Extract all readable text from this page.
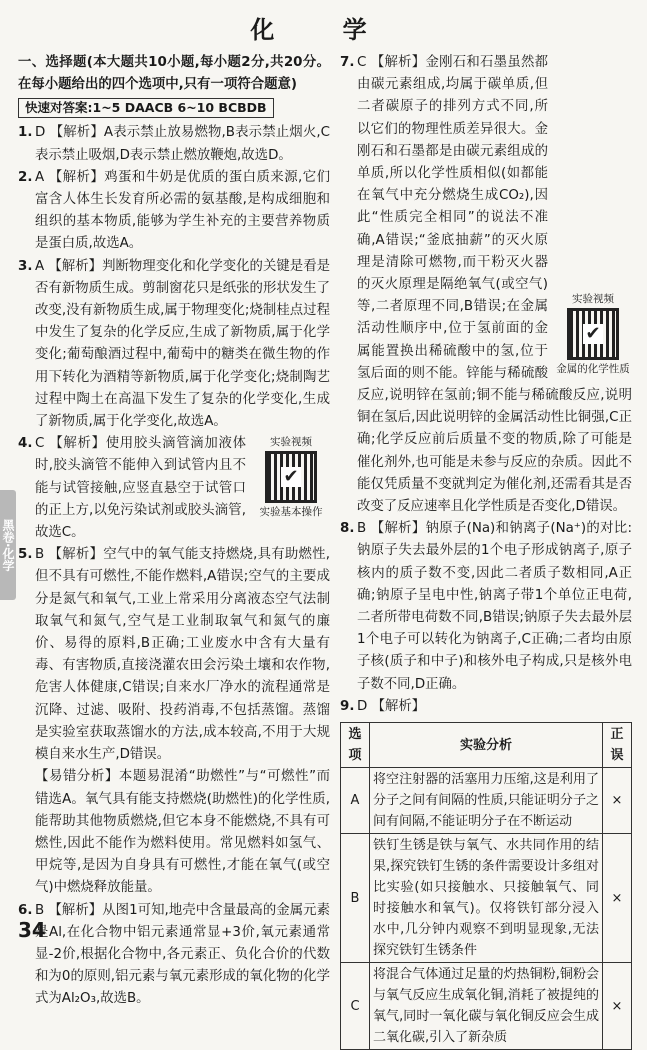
化 学
黑卷·化学

一、选择题(本大题共10小题,每小题2分,共20分。在每小题给出的四个选项中,只有一项符合题意)

快速对答案:1~5 DAACB 6~10 BCBDB

1. D 【解析】A表示禁止放易燃物,B表示禁止烟火,C表示禁止吸烟,D表示禁止燃放鞭炮,故选D。

2. A 【解析】鸡蛋和牛奶是优质的蛋白质来源,它们富含人体生长发育所必需的氨基酸,是构成细胞和组织的基本物质,能够为学生补充的主要营养物质是蛋白质,故选A。

3. A 【解析】判断物理变化和化学变化的关键是看是否有新物质生成。剪制窗花只是纸张的形状发生了改变,没有新物质生成,属于物理变化;烧制桂点过程中发生了复杂的化学反应,生成了新物质,属于化学变化;葡萄酿酒过程中,葡萄中的糖类在微生物的作用下转化为酒精等新物质,属于化学变化;烧制陶艺过程中陶土在高温下发生了复杂的化学变化,生成了新物质,属于化学变化,故选A。

4.	实验视频
✔
实验基本操作
C 【解析】使用胶头滴管滴加液体时,胶头滴管不能伸入到试管内且不能与试管接触,应竖直悬空于试管口的正上方,以免污染试剂或胶头滴管,故选C。

5. B 【解析】空气中的氧气能支持燃烧,具有助燃性,但不具有可燃性,不能作燃料,A错误;空气的主要成分是氮气和氧气,工业上常采用分离液态空气法制取氧气和氮气,空气是工业制取氧气和氮气的廉价、易得的原料,B正确;工业废水中含有大量有毒、有害物质,直接浇灌农田会污染土壤和农作物,危害人体健康,C错误;自来水厂净水的流程通常是沉降、过滤、吸附、投药消毒,不包括蒸馏。蒸馏是实验室获取蒸馏水的方法,成本较高,不用于大规模自来水生产,D错误。

【易错分析】本题易混淆“助燃性”与“可燃性”而错选A。氧气具有能支持燃烧(助燃性)的化学性质,能帮助其他物质燃烧,但它本身不能燃烧,不具有可燃性,因此不能作为燃料使用。常见燃料如氢气、甲烷等,是因为自身具有可燃性,才能在氧气(或空气)中燃烧释放能量。

6. B 【解析】从图1可知,地壳中含量最高的金属元素是Al,在化合物中铝元素通常显+3价,氧元素通常显-2价,根据化合物中,各元素正、负化合价的代数和为0的原则,铝元素与氧元素形成的氧化物的化学式为Al₂O₃,故选B。

7.
实验视频
✔
金属的化学性质
C 【解析】金刚石和石墨虽然都由碳元素组成,均属于碳单质,但二者碳原子的排列方式不同,所以它们的物理性质差异很大。金刚石和石墨都是由碳元素组成的单质,所以化学性质相似(如都能在氧气中充分燃烧生成CO₂),因此“性质完全相同”的说法不准确,A错误;“釜底抽薪”的灭火原理是清除可燃物,而干粉灭火器的灭火原理是隔绝氧气(或空气)等,二者原理不同,B错误;在金属活动性顺序中,位于氢前面的金属能置换出稀硫酸中的氢,位于氢后面的则不能。锌能与稀硫酸反应,说明锌在氢前;铜不能与稀硫酸反应,说明铜在氢后,因此说明锌的金属活动性比铜强,C正确;化学反应前后质量不变的物质,除了可能是催化剂外,也可能是未参与反应的杂质。因此不能仅凭质量不变就判定为催化剂,还需看其是否改变了反应速率且化学性质是否变化,D错误。

8. B 【解析】钠原子(Na)和钠离子(Na⁺)的对比:钠原子失去最外层的1个电子形成钠离子,原子核内的质子数不变,因此二者质子数相同,A正确;钠原子呈电中性,钠离子带1个单位正电荷,二者所带电荷数不同,B错误;钠原子失去最外层1个电子可以转化为钠离子,C正确;二者均由原子核(质子和中子)和核外电子构成,只是核外电子数不同,D正确。

9. D 【解析】

选项	实验分析	正误
A	将空注射器的活塞用力压缩,这是利用了分子之间有间隔的性质,只能证明分子之间有间隔,不能证明分子在不断运动	×
B	铁钉生锈是铁与氧气、水共同作用的结果,探究铁钉生锈的条件需要设计多组对比实验(如只接触水、只接触氧气、同时接触水和氧气)。仅将铁钉部分浸入水中,几分钟内观察不到明显现象,无法探究铁钉生锈条件	×
C	将混合气体通过足量的灼热铜粉,铜粉会与氧气反应生成氧化铜,消耗了被提纯的氧气,同时一氧化碳与氧化铜反应会生成二氧化碳,引入了新杂质	×
34
